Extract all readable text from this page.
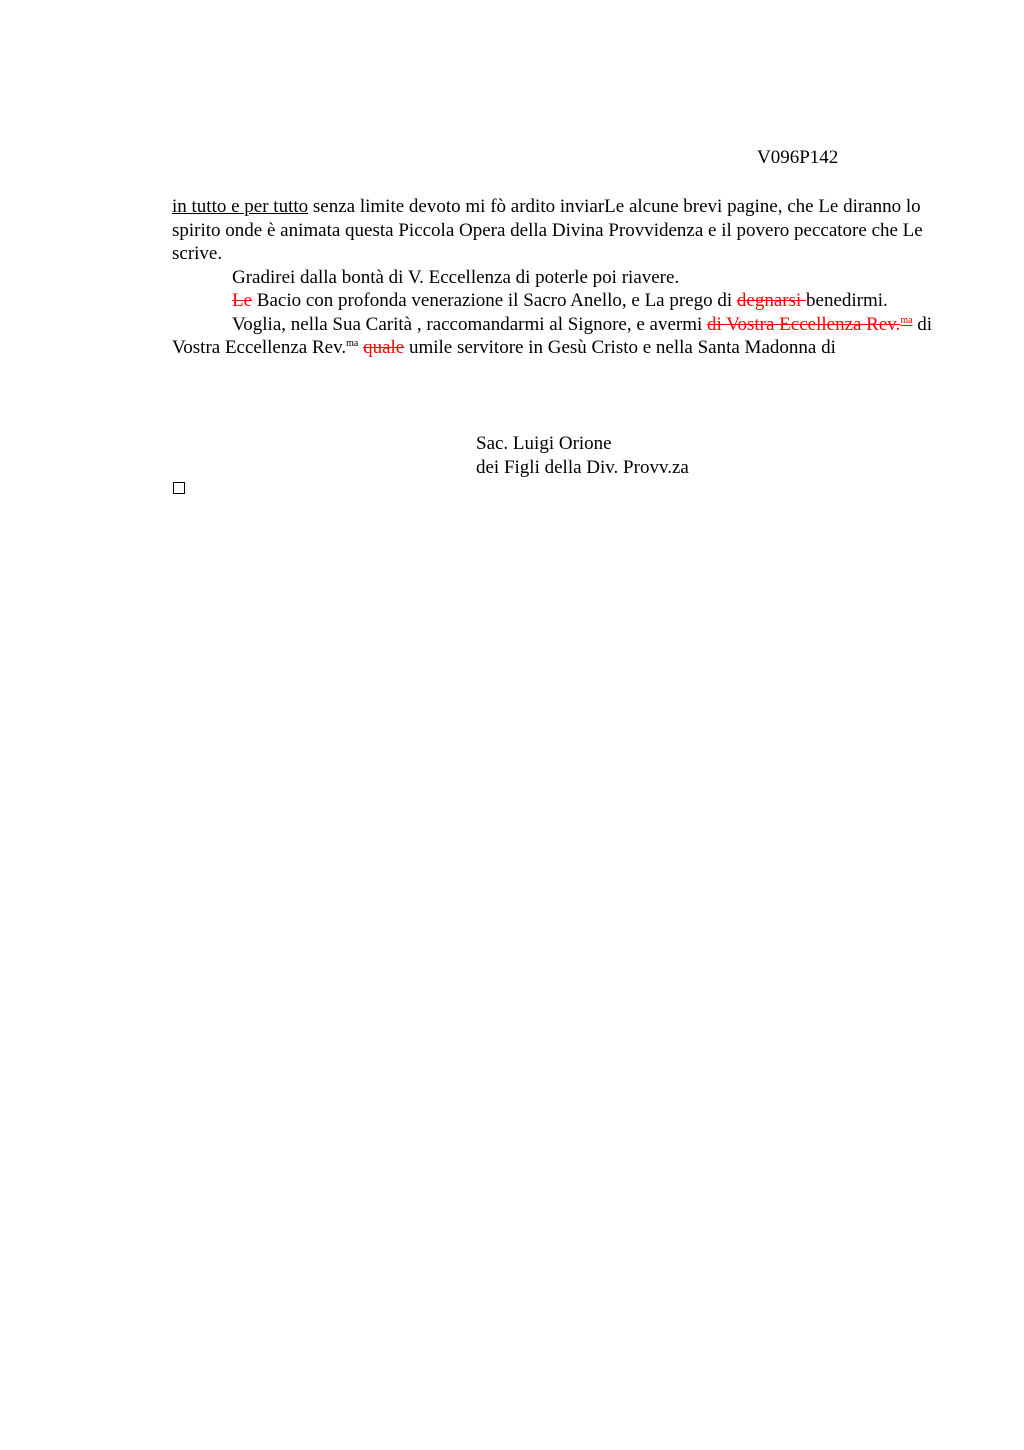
V096P142

in tutto e per tutto senza limite devoto mi fò ardito inviarLe alcune brevi pagine, che Le diranno lo spirito onde è animata questa Piccola Opera della Divina Provvidenza e il povero peccatore che Le scrive.

Gradirei dalla bontà di V. Eccellenza di poterle poi riavere.

Le Bacio con profonda venerazione il Sacro Anello, e La prego di degnarsi benedirmi.

Voglia, nella Sua Carità , raccomandarmi al Signore, e avermi di Vostra Eccellenza Rev.$^{ma}$ di Vostra Eccellenza Rev.$^{ma}$ quale umile servitore in Gesù Cristo e nella Santa Madonna di

Sac. Luigi Orione
dei Figli della Div. Provv.za
